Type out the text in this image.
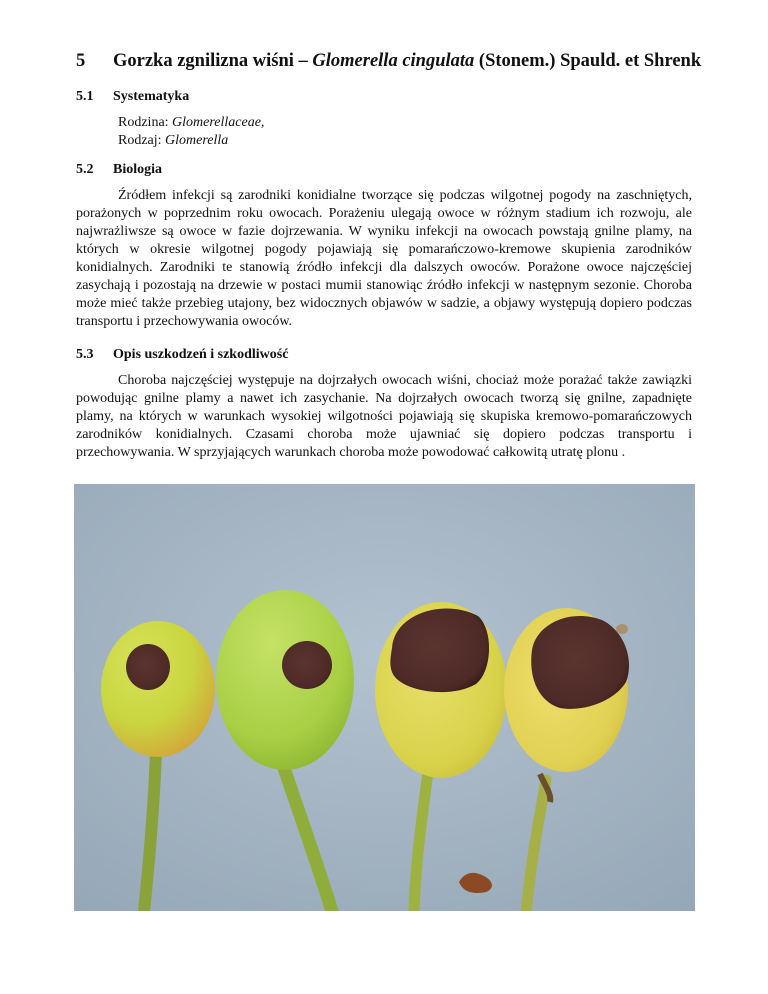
5 Gorzka zgnilizna wiśni – Glomerella cingulata (Stonem.) Spauld. et Shrenk
5.1 Systematyka
Rodzina: Glomerellaceae,
Rodzaj: Glomerella
5.2 Biologia

Źródłem infekcji są zarodniki konidialne tworzące się podczas wilgotnej pogody na zaschniętych, porażonych w poprzednim roku owocach. Porażeniu ulegają owoce w różnym stadium ich rozwoju, ale najwrażliwsze są owoce w fazie dojrzewania. W wyniku infekcji na owocach powstają gnilne plamy, na których w okresie wilgotnej pogody pojawiają się pomarańczowo-kremowe skupienia zarodników konidialnych. Zarodniki te stanowią źródło infekcji dla dalszych owoców. Porażone owoce najczęściej zasychają i pozostają na drzewie w postaci mumii stanowiąc źródło infekcji w następnym sezonie. Choroba może mieć także przebieg utajony, bez widocznych objawów w sadzie, a objawy występują dopiero podczas transportu i przechowywania owoców.

5.3 Opis uszkodzeń i szkodliwość

Choroba najczęściej występuje na dojrzałych owocach wiśni, chociaż może porażać także zawiązki powodując gnilne plamy a nawet ich zasychanie. Na dojrzałych owocach tworzą się gnilne, zapadnięte plamy, na których w warunkach wysokiej wilgotności pojawiają się skupiska kremowo-pomarańczowych zarodników konidialnych. Czasami choroba może ujawniać się dopiero podczas transportu i przechowywania. W sprzyjających warunkach choroba może powodować całkowitą utratę plonu .
